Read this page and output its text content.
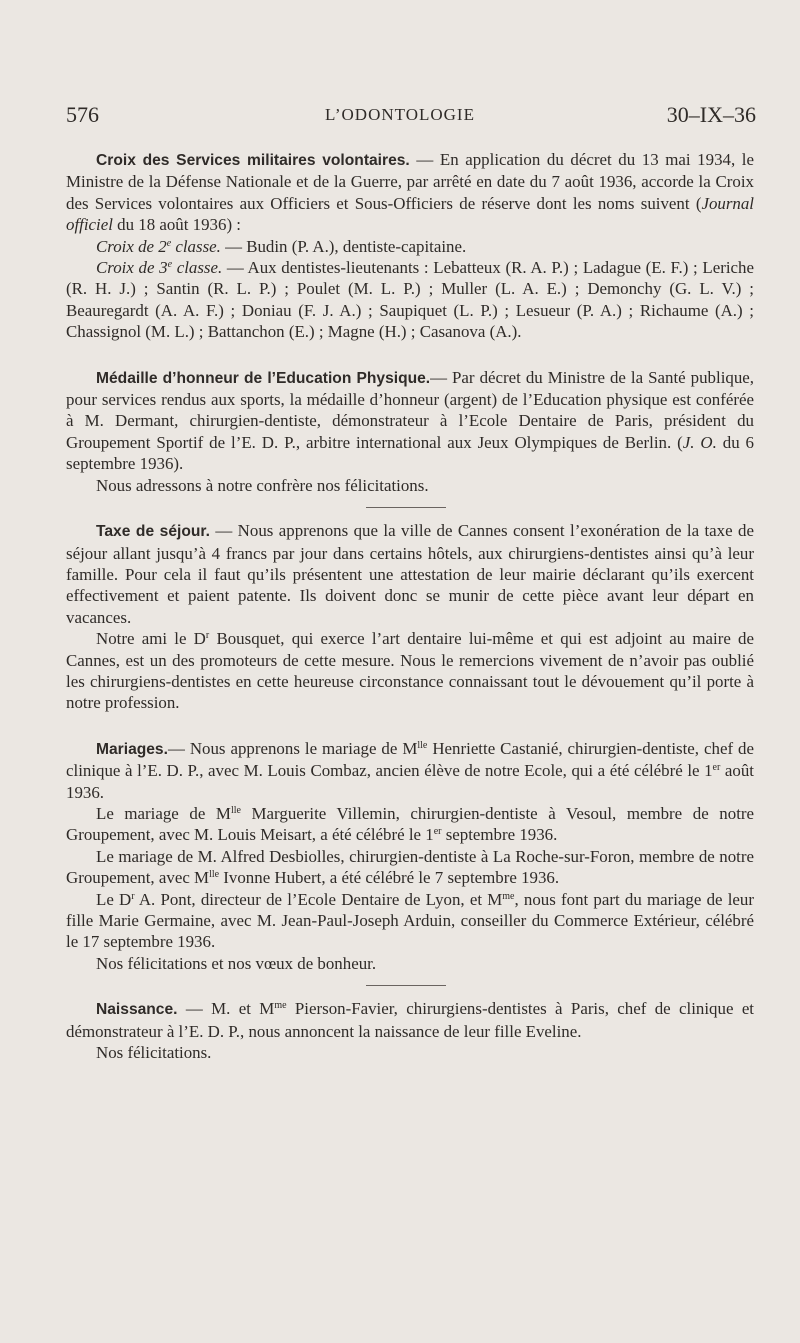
576	L’ODONTOLOGIE	30–IX–36

Croix des Services militaires volontaires. — En application du décret du 13 mai 1934, le Ministre de la Défense Nationale et de la Guerre, par arrêté en date du 7 août 1936, accorde la Croix des Services volontaires aux Officiers et Sous-Officiers de réserve dont les noms suivent (Journal officiel du 18 août 1936) :

Croix de 2e classe. — Budin (P. A.), dentiste-capitaine.

Croix de 3e classe. — Aux dentistes-lieutenants : Lebatteux (R. A. P.) ; Ladague (E. F.) ; Leriche (R. H. J.) ; Santin (R. L. P.) ; Poulet (M. L. P.) ; Muller (L. A. E.) ; Demonchy (G. L. V.) ; Beauregardt (A. A. F.) ; Doniau (F. J. A.) ; Saupiquet (L. P.) ; Lesueur (P. A.) ; Richaume (A.) ; Chassignol (M. L.) ; Battanchon (E.) ; Magne (H.) ; Casanova (A.).

Médaille d’honneur de l’Education Physique.— Par décret du Ministre de la Santé publique, pour services rendus aux sports, la médaille d’honneur (argent) de l’Education physique est conférée à M. Dermant, chirurgien-dentiste, démonstrateur à l’Ecole Dentaire de Paris, président du Groupement Sportif de l’E. D. P., arbitre international aux Jeux Olympiques de Berlin. (J. O. du 6 septembre 1936).

Nous adressons à notre confrère nos félicitations.

Taxe de séjour. — Nous apprenons que la ville de Cannes consent l’exonération de la taxe de séjour allant jusqu’à 4 francs par jour dans certains hôtels, aux chirurgiens-dentistes ainsi qu’à leur famille. Pour cela il faut qu’ils présentent une attestation de leur mairie déclarant qu’ils exercent effectivement et paient patente. Ils doivent donc se munir de cette pièce avant leur départ en vacances.

Notre ami le $D^r$ Bousquet, qui exerce l’art dentaire lui-même et qui est adjoint au maire de Cannes, est un des promoteurs de cette mesure. Nous le remercions vivement de n’avoir pas oublié les chirurgiens-dentistes en cette heureuse circonstance connaissant tout le dévouement qu’il porte à notre profession.

Mariages.— Nous apprenons le mariage de $M^{lle}$ Henriette Castanié, chirurgien-dentiste, chef de clinique à l’E. D. P., avec M. Louis Combaz, ancien élève de notre Ecole, qui a été célébré le 1er août 1936.

Le mariage de $M^{lle}$ Marguerite Villemin, chirurgien-dentiste à Vesoul, membre de notre Groupement, avec M. Louis Meisart, a été célébré le 1er septembre 1936.

Le mariage de M. Alfred Desbiolles, chirurgien-dentiste à La Roche-sur-Foron, membre de notre Groupement, avec $M^{lle}$ Ivonne Hubert, a été célébré le 7 septembre 1936.

Le $D^r$ A. Pont, directeur de l’Ecole Dentaire de Lyon, et $M^{me}$, nous font part du mariage de leur fille Marie Germaine, avec M. Jean-Paul-Joseph Arduin, conseiller du Commerce Extérieur, célébré le 17 septembre 1936.

Nos félicitations et nos vœux de bonheur.

Naissance. — M. et $M^{me}$ Pierson-Favier, chirurgiens-dentistes à Paris, chef de clinique et démonstrateur à l’E. D. P., nous annoncent la naissance de leur fille Eveline.

Nos félicitations.
